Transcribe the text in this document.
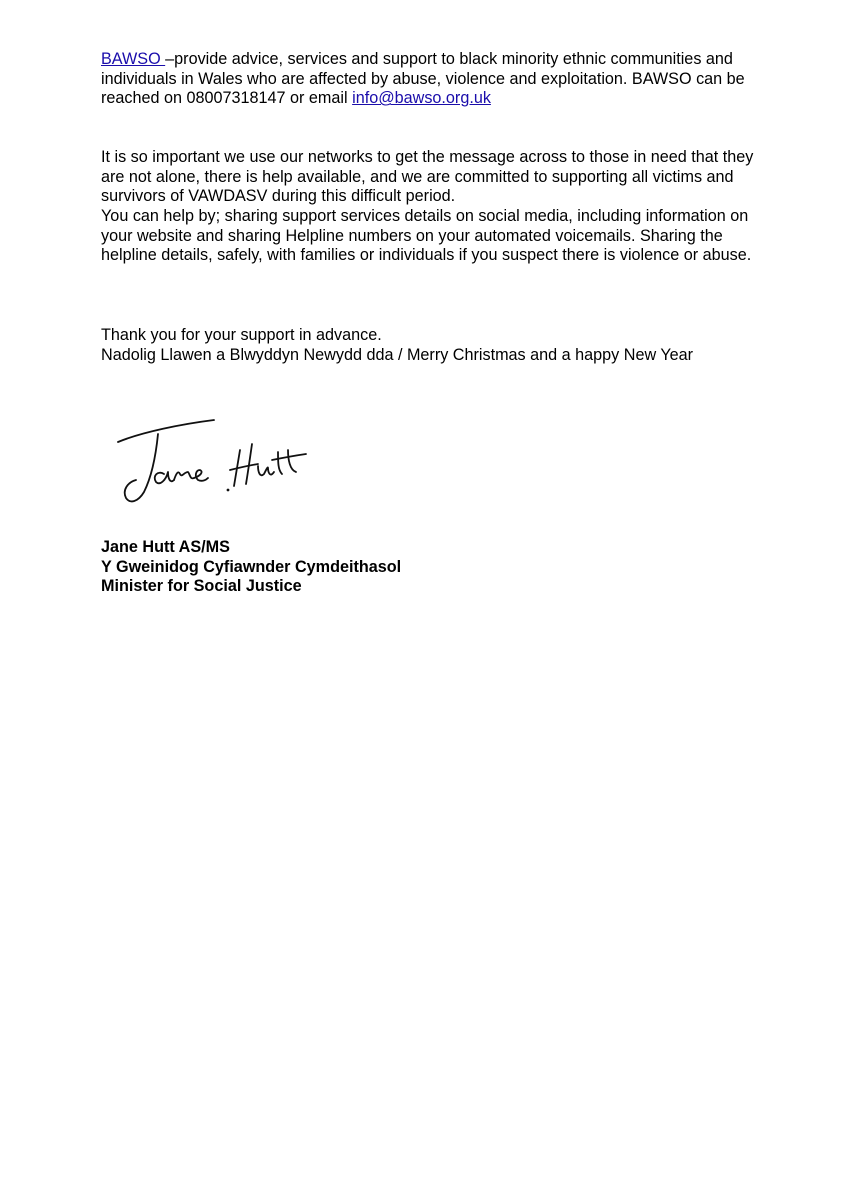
BAWSO –provide advice, services and support to black minority ethnic communities and
individuals in Wales who are affected by abuse, violence and exploitation. BAWSO can be
reached on 08007318147 or email info@bawso.org.uk
It is so important we use our networks to get the message across to those in need that they
are not alone, there is help available, and we are committed to supporting all victims and
survivors of VAWDASV during this difficult period.
You can help by; sharing support services details on social media, including information on
your website and sharing Helpline numbers on your automated voicemails. Sharing the
helpline details, safely, with families or individuals if you suspect there is violence or abuse.
Thank you for your support in advance.
Nadolig Llawen a Blwyddyn Newydd dda / Merry Christmas and a happy New Year
Jane Hutt AS/MS
Y Gweinidog Cyfiawnder Cymdeithasol
Minister for Social Justice
